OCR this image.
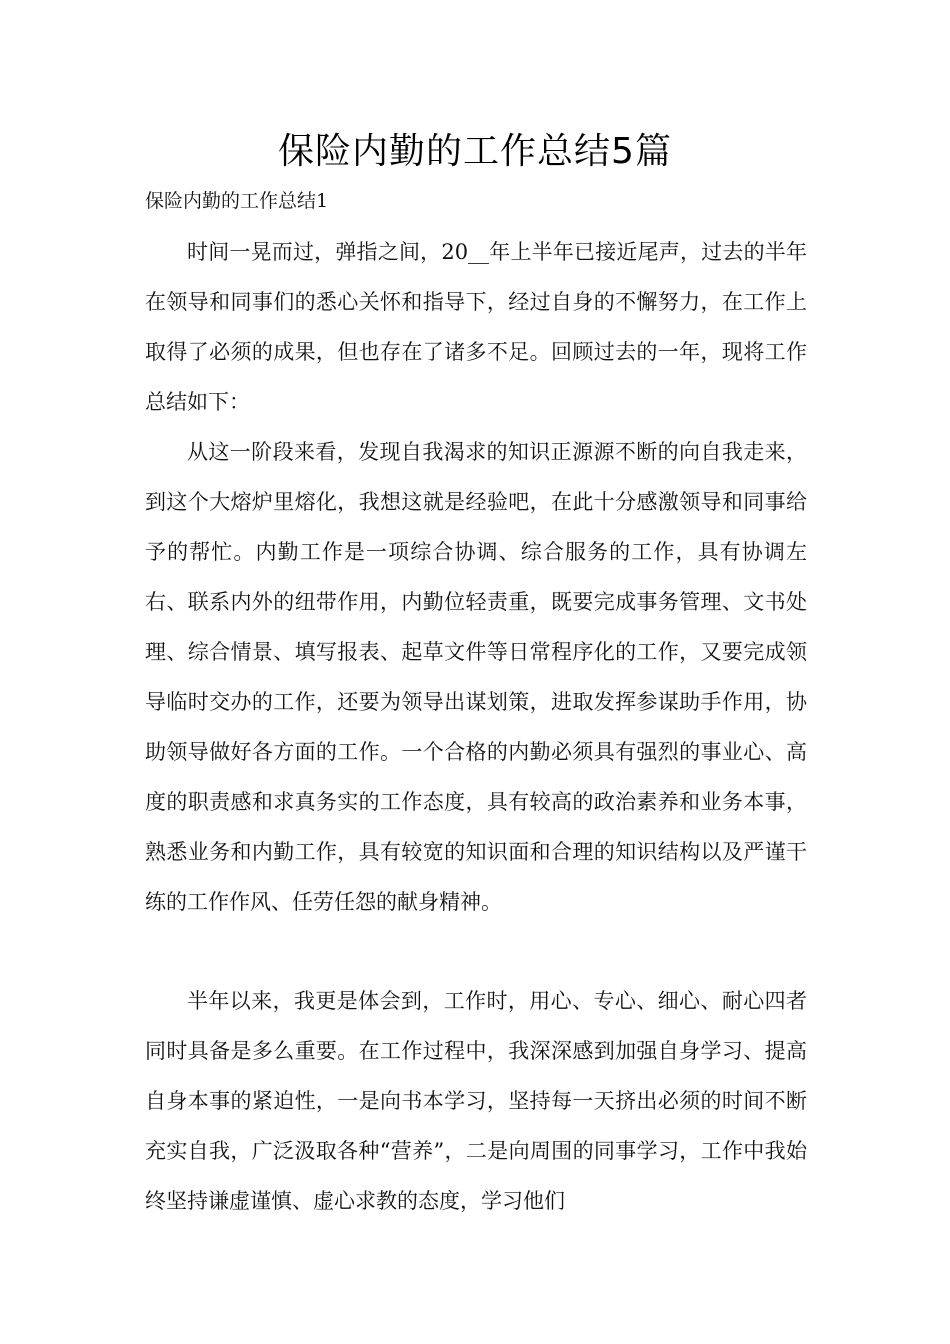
保险内勤的工作总结5篇

保险内勤的工作总结1

时间一晃而过，弹指之间，20__年上半年已接近尾声，过去的半年在领导和同事们的悉心关怀和指导下，经过自身的不懈努力，在工作上取得了必须的成果，但也存在了诸多不足。回顾过去的一年，现将工作总结如下：

从这一阶段来看，发现自我渴求的知识正源源不断的向自我走来，到这个大熔炉里熔化，我想这就是经验吧，在此十分感激领导和同事给予的帮忙。内勤工作是一项综合协调、综合服务的工作，具有协调左右、联系内外的纽带作用，内勤位轻责重，既要完成事务管理、文书处理、综合情景、填写报表、起草文件等日常程序化的工作，又要完成领导临时交办的工作，还要为领导出谋划策，进取发挥参谋助手作用，协助领导做好各方面的工作。一个合格的内勤必须具有强烈的事业心、高度的职责感和求真务实的工作态度，具有较高的政治素养和业务本事，熟悉业务和内勤工作，具有较宽的知识面和合理的知识结构以及严谨干练的工作作风、任劳任怨的献身精神。

半年以来，我更是体会到，工作时，用心、专心、细心、耐心四者同时具备是多么重要。在工作过程中，我深深感到加强自身学习、提高自身本事的紧迫性，一是向书本学习，坚持每一天挤出必须的时间不断充实自我，广泛汲取各种“营养”，二是向周围的同事学习，工作中我始终坚持谦虚谨慎、虚心求教的态度，学习他们
